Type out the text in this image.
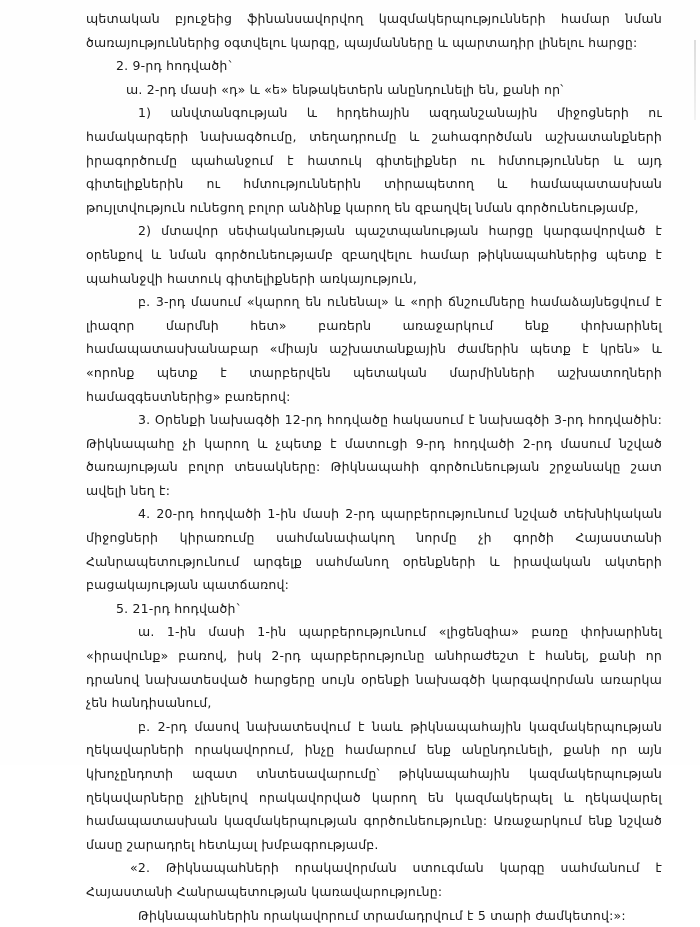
պետական բյուջեից ֆինանսավորվող կազմակերպությունների համար նման ծառայություններից օգտվելու կարգը, պայմանները և պարտադիր լինելու հարցը:

2. 9-րդ հոդվածի`

ա. 2-րդ մասի «դ» և «ե» ենթակետերն անընդունելի են, քանի որ՝

1) անվտանգության և հրդեհային ազդանշանային միջոցների ու համակարգերի նախագծումը, տեղադրումը և շահագործման աշխատանքների իրագործումը պահանջում է հատուկ գիտելիքներ ու հմտություններ և այդ գիտելիքներին ու հմտություններին տիրապետող և համապատասխան թույլտվություն ունեցող բոլոր անձինք կարող են զբաղվել նման գործունեությամբ,

2) մտավոր սեփականության պաշտպանության հարցը կարգավորված է օրենքով և նման գործունեությամբ զբաղվելու համար թիկնապահներից պետք է պահանջվի հատուկ գիտելիքների առկայություն,

բ. 3-րդ մասում «կարող են ունենալ» և «որի ճնշումները համաձայնեցվում է լիազոր մարմնի հետ» բառերն առաջարկում ենք փոխարինել համապատասխանաբար «միայն աշխատանքային ժամերին պետք է կրեն» և «որոնք պետք է տարբերվեն պետական մարմինների աշխատողների համազգեստներից» բառերով:

3. Օրենքի նախագծի 12-րդ հոդվածը հակասում է նախագծի 3-րդ հոդվածին: Թիկնապահը չի կարող և չպետք է մատուցի 9-րդ հոդվածի 2-րդ մասում նշված ծառայության բոլոր տեսակները: Թիկնապահի գործունեության շրջանակը շատ ավելի նեղ է:

4. 20-րդ հոդվածի 1-ին մասի 2-րդ պարբերությունում նշված տեխնիկական միջոցների կիրառումը սահմանափակող նորմը չի գործի Հայաստանի Հանրապետությունում արգելք սահմանող օրենքների և իրավական ակտերի բացակայության պատճառով:

5. 21-րդ հոդվածի`

ա. 1-ին մասի 1-ին պարբերությունում «լիցենզիա» բառը փոխարինել «իրավունք» բառով, իսկ 2-րդ պարբերությունը անհրաժեշտ է հանել, քանի որ դրանով նախատեսված հարցերը սույն օրենքի նախագծի կարգավորման առարկա չեն հանդիսանում,

բ. 2-րդ մասով նախատեսվում է նաև թիկնապահային կազմակերպության ղեկավարների որակավորում, ինչը համարում ենք անընդունելի, քանի որ այն կխոչընդոտի ազատ տնտեսավարումը՝ թիկնապահային կազմակերպության ղեկավարները չլինելով որակավորված կարող են կազմակերպել և ղեկավարել համապատասխան կազմակերպության գործունեությունը: Առաջարկում ենք նշված մասը շարադրել հետևյալ խմբագրությամբ.

«2. Թիկնապահների որակավորման ստուգման կարգը սահմանում է Հայաստանի Հանրապետության կառավարությունը:

Թիկնապահներին որակավորում տրամադրվում է 5 տարի ժամկետով:»:
